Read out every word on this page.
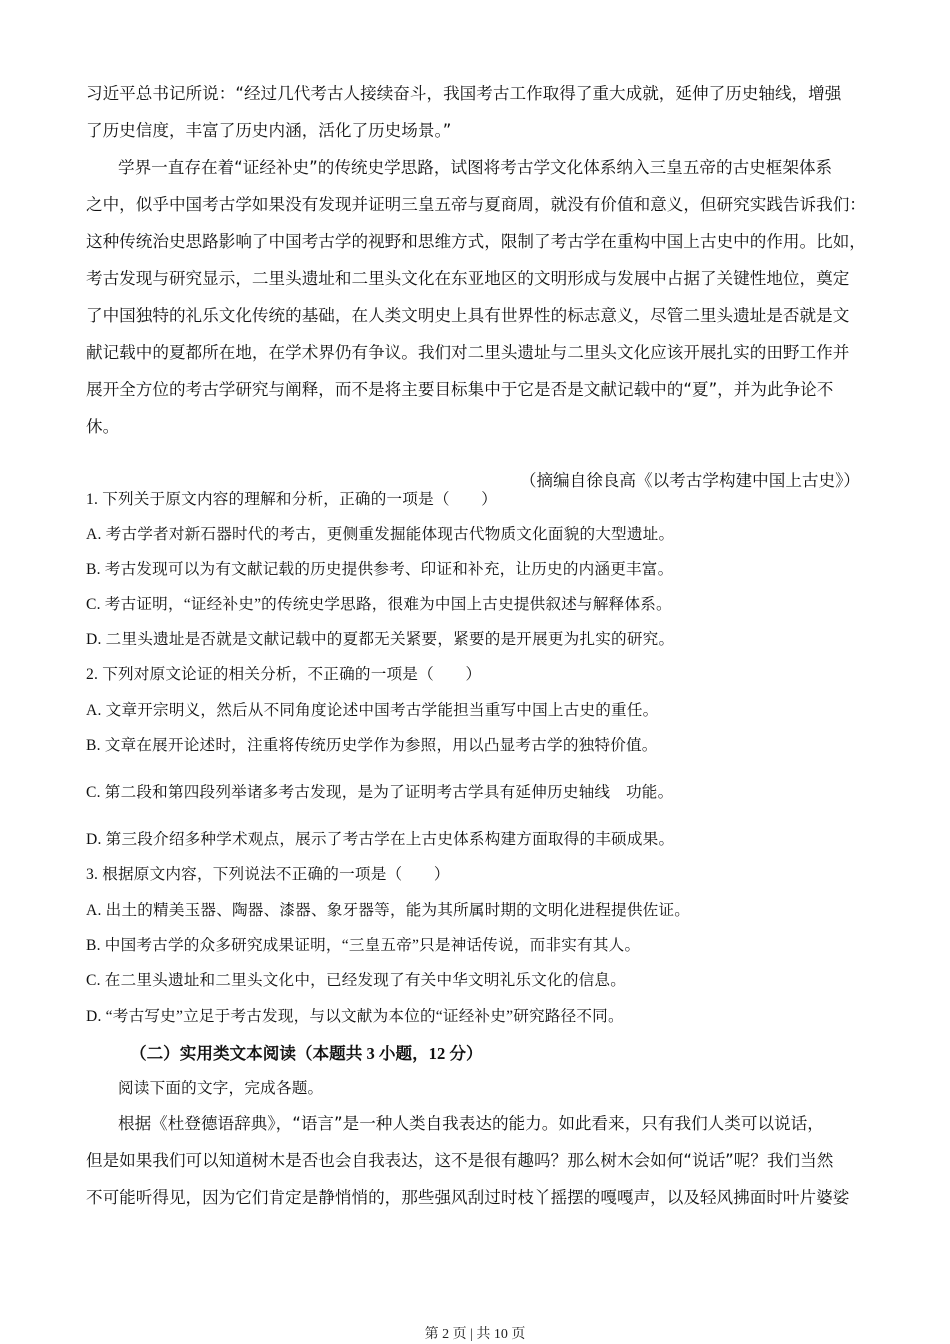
习近平总书记所说：“经过几代考古人接续奋斗，我国考古工作取得了重大成就，延伸了历史轴线，增强

了历史信度，丰富了历史内涵，活化了历史场景。”

学界一直存在着“证经补史”的传统史学思路，试图将考古学文化体系纳入三皇五帝的古史框架体系

之中，似乎中国考古学如果没有发现并证明三皇五帝与夏商周，就没有价值和意义，但研究实践告诉我们：

这种传统治史思路影响了中国考古学的视野和思维方式，限制了考古学在重构中国上古史中的作用。比如，

考古发现与研究显示，二里头遗址和二里头文化在东亚地区的文明形成与发展中占据了关键性地位，奠定

了中国独特的礼乐文化传统的基础，在人类文明史上具有世界性的标志意义，尽管二里头遗址是否就是文

献记载中的夏都所在地，在学术界仍有争议。我们对二里头遗址与二里头文化应该开展扎实的田野工作并

展开全方位的考古学研究与阐释，而不是将主要目标集中于它是否是文献记载中的“夏”，并为此争论不

休。

（摘编自徐良高《以考古学构建中国上古史》）

1. 下列关于原文内容的理解和分析，正确的一项是（　　）

A. 考古学者对新石器时代的考古，更侧重发掘能体现古代物质文化面貌的大型遗址。

B. 考古发现可以为有文献记载的历史提供参考、印证和补充，让历史的内涵更丰富。

C. 考古证明，“证经补史”的传统史学思路，很难为中国上古史提供叙述与解释体系。

D. 二里头遗址是否就是文献记载中的夏都无关紧要，紧要的是开展更为扎实的研究。

2. 下列对原文论证的相关分析，不正确的一项是（　　）

A. 文章开宗明义，然后从不同角度论述中国考古学能担当重写中国上古史的重任。

B. 文章在展开论述时，注重将传统历史学作为参照，用以凸显考古学的独特价值。

C. 第二段和第四段列举诸多考古发现，是为了证明考古学具有延伸历史轴线　功能。

D. 第三段介绍多种学术观点，展示了考古学在上古史体系构建方面取得的丰硕成果。

3. 根据原文内容，下列说法不正确的一项是（　　）

A. 出土的精美玉器、陶器、漆器、象牙器等，能为其所属时期的文明化进程提供佐证。

B. 中国考古学的众多研究成果证明，“三皇五帝”只是神话传说，而非实有其人。

C. 在二里头遗址和二里头文化中，已经发现了有关中华文明礼乐文化的信息。

D. “考古写史”立足于考古发现，与以文献为本位的“证经补史”研究路径不同。

（二）实用类文本阅读（本题共 3 小题，12 分）

阅读下面的文字，完成各题。

根据《杜登德语辞典》，“语言”是一种人类自我表达的能力。如此看来，只有我们人类可以说话，

但是如果我们可以知道树木是否也会自我表达，这不是很有趣吗？那么树木会如何“说话”呢？我们当然

不可能听得见，因为它们肯定是静悄悄的，那些强风刮过时枝丫摇摆的嘎嘎声，以及轻风拂面时叶片婆娑

第 2 页 | 共 10 页
